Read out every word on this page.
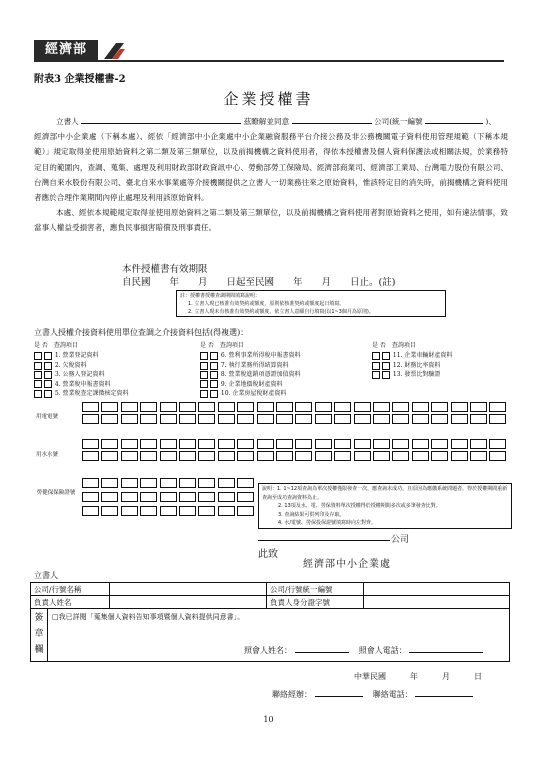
經濟部
附表3 企業授權書-2
企業授權書

立書人	茲瞭解並同意	公司(統一編號	)、

經濟部中小企業處（下稱本處）、經依「經濟部中小企業處中小企業融資服務平台介接公務及非公務機關電子資料使用管理規範（下稱本規範）」規定取得並使用原始資料之第二類及第三類單位，以及前揭機構之資料使用者，得依本授權書及個人資料保護法或相關法規，於業務特定目的範圍內，查調、蒐集、處理及利用財政部財政資訊中心、勞動部勞工保險局、經濟部商業司、經濟部工業局、台灣電力股份有限公司、台灣自來水股份有限公司、臺北自來水事業處等介接機關提供之立書人一切業務往來之原始資料，惟該特定目的消失時，前揭機構之資料使用者應於合理作業期間內停止處理及利用該原始資料。

本處、經依本規範規定取得並使用原始資料之第二類及第三類單位，以及前揭機構之資料使用者對原始資料之使用，如有違法情事，致當事人權益受損害者，應負民事損害賠償及刑事責任。

本件授權書有效期限
自民國　　年　　月　　日起至民國　　年　　月　　日止。(註)
註：授權書授權查調期間填寫說明：
1. 立書人現已核准有效契約或額度，原則依核准契約或額度起日填寫。
2. 立書人現未有核准有效契約或額度，依立書人意願自行填寫(以1~3個月為原則)。
立書人授權介接資料使用單位查調之介接資料包括(得複選)：
是 否　查詢項目

1. 營業登記資料

2. 欠稅資料

3. 公務人登記資料

4. 營業稅申報書資料

5. 營業稅查定課徵核定資料
是 否　查詢項目

6. 營利事業所得稅申報書資料

7. 執行業務所得結算資料

8. 營業稅進銷項憑證加值資料

9. 企業地價稅財產資料

10. 企業房屋稅財產資料
是 否　查詢項目

11. 企業車輛財產資料

12. 財務比率資料

13. 發票比對驗證
用電電號
用水水號
勞健保保險證號
說明：1. 1~12項查詢為單次授權僅限發查一次，應查詢未成功，且原因為應繳系統問題者，得於授權期間重新查詢至成功查詢資料為止。
2. 13項及水、電、勞保資料單次授權得於授權期間多次或多筆發查比對。
3. 查詢結果可供列印及存取。
4. 水/電號、勞保投保證號填寫時向左對齊。
公司
此致
經濟部中小企業處
立書人
公司/行號名稱		公司/行號統一編號	
負責人姓名		負責人身分證字號	

簽章欄
□我已詳閱「蒐集個人資料告知事項暨個人資料提供同意書」。
照會人姓名： 照會人電話：			
中華民國　　　年　　　月　　　日
聯絡經辦：	聯絡電話：
10
